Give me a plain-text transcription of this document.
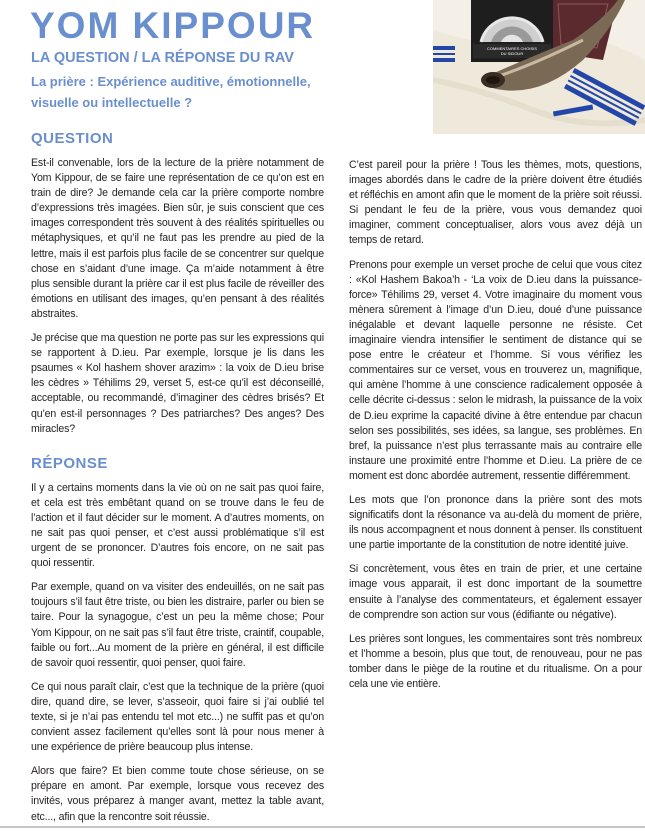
YOM KIPPOUR
LA QUESTION / LA RÉPONSE DU RAV
La prière : Expérience auditive, émotionnelle, visuelle ou intellectuelle ?
COMMENTAIRES CHOISIS
DU SIDOUR
QUESTION

Est-il convenable, lors de la lecture de la prière notamment de Yom Kippour, de se faire une représentation de ce qu’on est en train de dire? Je demande cela car la prière comporte nombre d’expressions très imagées. Bien sûr, je suis conscient que ces images correspondent très souvent à des réalités spirituelles ou métaphysiques, et qu’il ne faut pas les prendre au pied de la lettre, mais il est parfois plus facile de se concentrer sur quelque chose en s’aidant d’une image. Ça m’aide notamment à être plus sensible durant la prière car il est plus facile de réveiller des émotions en utilisant des images, qu’en pensant à des réalités abstraites.

Je précise que ma question ne porte pas sur les expressions qui se rapportent à D.ieu. Par exemple, lorsque je lis dans les psaumes « Kol hashem shover arazim» : la voix de D.ieu brise les cèdres » Téhilims 29, verset 5, est-ce qu’il est déconseillé, acceptable, ou recommandé, d’imaginer des cèdres brisés? Et qu’en est-il personnages ? Des patriarches? Des anges? Des miracles?

RÉPONSE

Il y a certains moments dans la vie où on ne sait pas quoi faire, et cela est très embêtant quand on se trouve dans le feu de l’action et il faut décider sur le moment. A d’autres moments, on ne sait pas quoi penser, et c’est aussi problématique s’il est urgent de se prononcer. D’autres fois encore, on ne sait pas quoi ressentir.

Par exemple, quand on va visiter des endeuillés, on ne sait pas toujours s’il faut être triste, ou bien les distraire, parler ou bien se taire. Pour la synagogue, c’est un peu la même chose; Pour Yom Kippour, on ne sait pas s’il faut être triste, craintif, coupable, faible ou fort...Au moment de la prière en général, il est difficile de savoir quoi ressentir, quoi penser, quoi faire.

Ce qui nous paraît clair, c’est que la technique de la prière (quoi dire, quand dire, se lever, s’asseoir, quoi faire si j’ai oublié tel texte, si je n’ai pas entendu tel mot etc...) ne suffit pas et qu’on convient assez facilement qu’elles sont là pour nous mener à une expérience de prière beaucoup plus intense.

Alors que faire? Et bien comme toute chose sérieuse, on se prépare en amont. Par exemple, lorsque vous recevez des invités, vous préparez à manger avant, mettez la table avant, etc..., afin que la rencontre soit réussie.

C’est pareil pour la prière ! Tous les thèmes, mots, questions, images abordés dans le cadre de la prière doivent être étudiés et réfléchis en amont afin que le moment de la prière soit réussi. Si pendant le feu de la prière, vous vous demandez quoi imaginer, comment conceptualiser, alors vous avez déjà un temps de retard.

Prenons pour exemple un verset proche de celui que vous citez : «Kol Hashem Bakoa’h - ‘La voix de D.ieu dans la puissance-force» Téhilims 29, verset 4. Votre imaginaire du moment vous mènera sûrement à l’image d’un D.ieu, doué d’une puissance inégalable et devant laquelle personne ne résiste. Cet imaginaire viendra intensifier le sentiment de distance qui se pose entre le créateur et l’homme. Si vous vérifiez les commentaires sur ce verset, vous en trouverez un, magnifique, qui amène l’homme à une conscience radicalement opposée à celle décrite ci-dessus : selon le midrash, la puissance de la voix de D.ieu exprime la capacité divine à être entendue par chacun selon ses possibilités, ses idées, sa langue, ses problèmes. En bref, la puissance n’est plus terrassante mais au contraire elle instaure une proximité entre l’homme et D.ieu. La prière de ce moment est donc abordée autrement, ressentie différemment.

Les mots que l’on prononce dans la prière sont des mots significatifs dont la résonance va au-delà du moment de prière, ils nous accompagnent et nous donnent à penser. Ils constituent une partie importante de la constitution de notre identité juive.

Si concrètement, vous êtes en train de prier, et une certaine image vous apparait, il est donc important de la soumettre ensuite à l’analyse des commentateurs, et également essayer de comprendre son action sur vous (édifiante ou négative).

Les prières sont longues, les commentaires sont très nombreux et l’homme a besoin, plus que tout, de renouveau, pour ne pas tomber dans le piège de la routine et du ritualisme. On a pour cela une vie entière.
